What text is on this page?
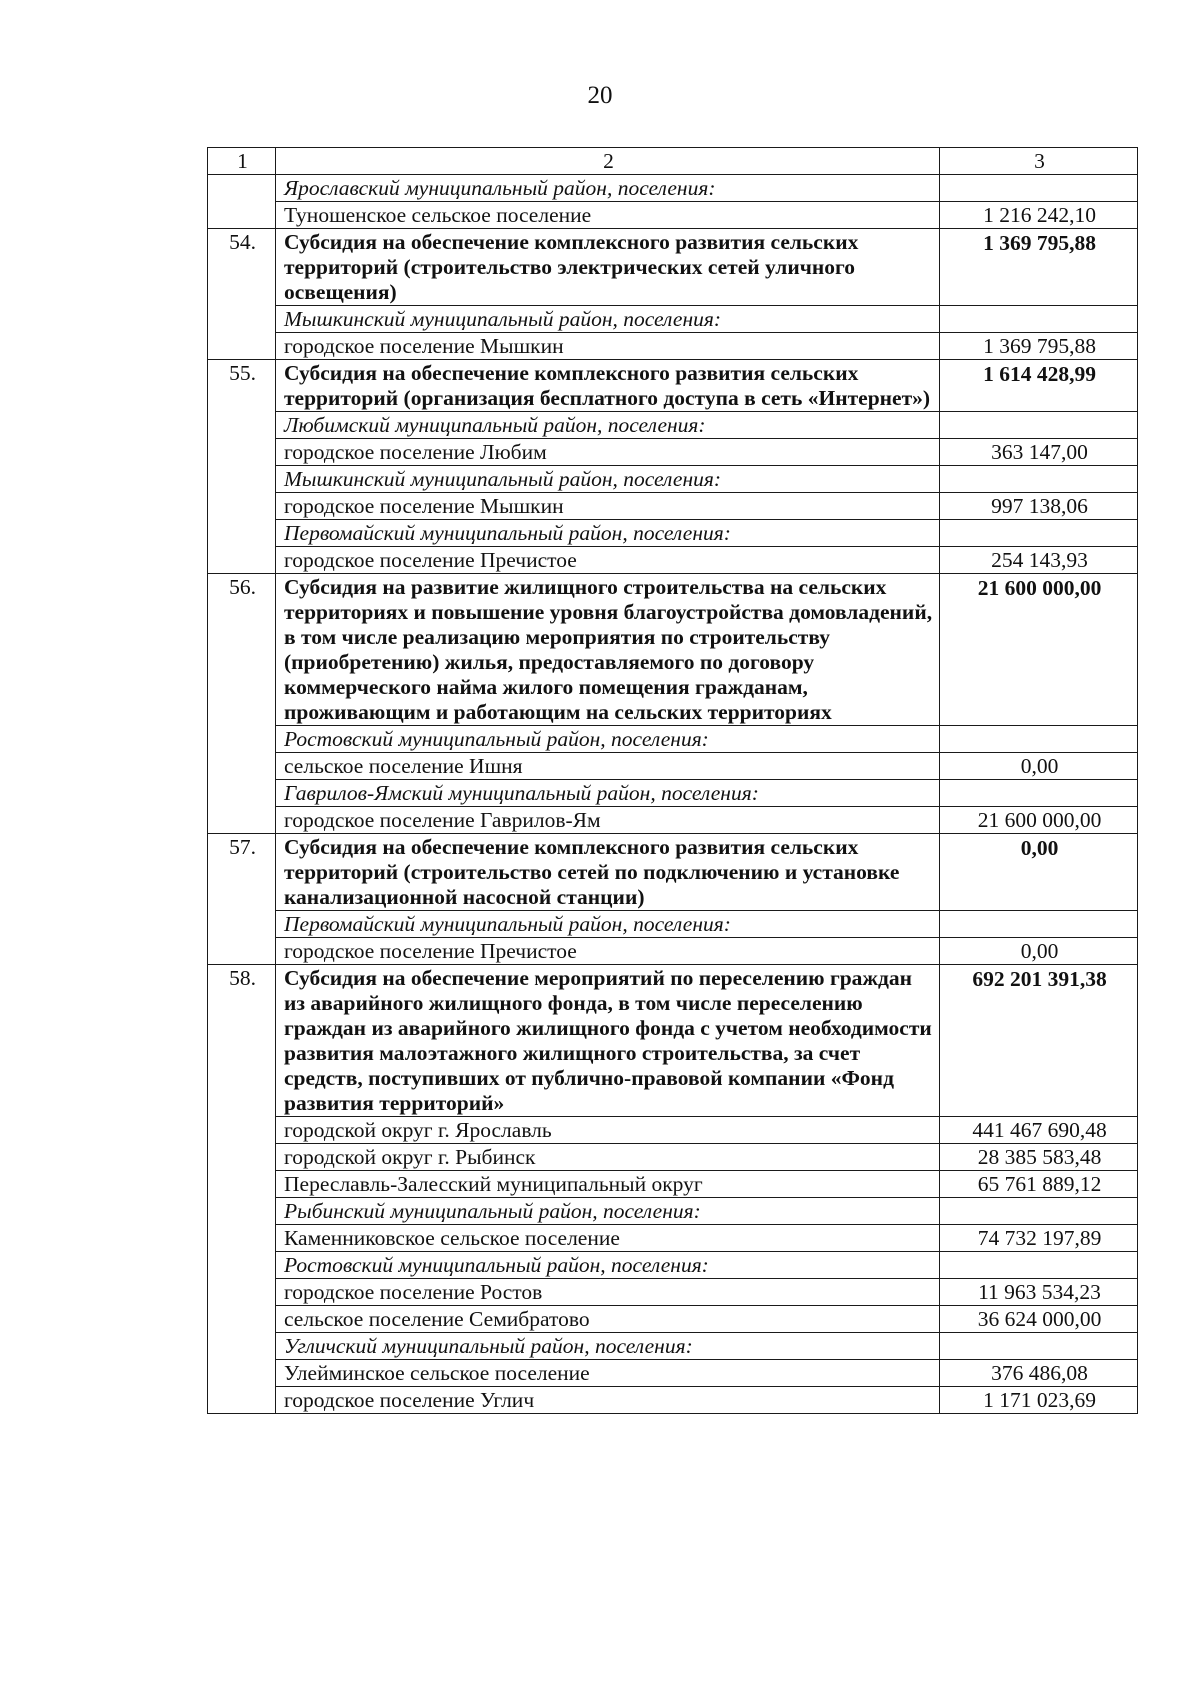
20
1	2	3
	Ярославский муниципальный район, поселения:	
	Туношенское сельское поселение	1 216 242,10
54.	Субсидия на обеспечение комплексного развития сельских территорий (строительство электрических сетей уличного освещения)	1 369 795,88
	Мышкинский муниципальный район, поселения:	
	городское поселение Мышкин	1 369 795,88
55.	Субсидия на обеспечение комплексного развития сельских территорий (организация бесплатного доступа в сеть «Интернет»)	1 614 428,99
	Любимский муниципальный район, поселения:	
	городское поселение Любим	363 147,00
	Мышкинский муниципальный район, поселения:	
	городское поселение Мышкин	997 138,06
	Первомайский муниципальный район, поселения:	
	городское поселение Пречистое	254 143,93
56.	Субсидия на развитие жилищного строительства на сельских территориях и повышение уровня благоустройства домовладений, в том числе реализацию мероприятия по строительству (приобретению) жилья, предоставляемого по договору коммерческого найма жилого помещения гражданам, проживающим и работающим на сельских территориях	21 600 000,00
	Ростовский муниципальный район, поселения:	
	сельское поселение Ишня	0,00
	Гаврилов-Ямский муниципальный район, поселения:	
	городское поселение Гаврилов-Ям	21 600 000,00
57.	Субсидия на обеспечение комплексного развития сельских территорий (строительство сетей по подключению и установке канализационной насосной станции)	0,00
	Первомайский муниципальный район, поселения:	
	городское поселение Пречистое	0,00
58.	Субсидия на обеспечение мероприятий по переселению граждан из аварийного жилищного фонда, в том числе переселению граждан из аварийного жилищного фонда с учетом необходимости развития малоэтажного жилищного строительства, за счет средств, поступивших от публично-правовой компании «Фонд развития территорий»	692 201 391,38
	городской округ г. Ярославль	441 467 690,48
	городской округ г. Рыбинск	28 385 583,48
	Переславль-Залесский муниципальный округ	65 761 889,12
	Рыбинский муниципальный район, поселения:	
	Каменниковское сельское поселение	74 732 197,89
	Ростовский муниципальный район, поселения:	
	городское поселение Ростов	11 963 534,23
	сельское поселение Семибратово	36 624 000,00
	Угличский муниципальный район, поселения:	
	Улейминское сельское поселение	376 486,08
	городское поселение Углич	1 171 023,69
